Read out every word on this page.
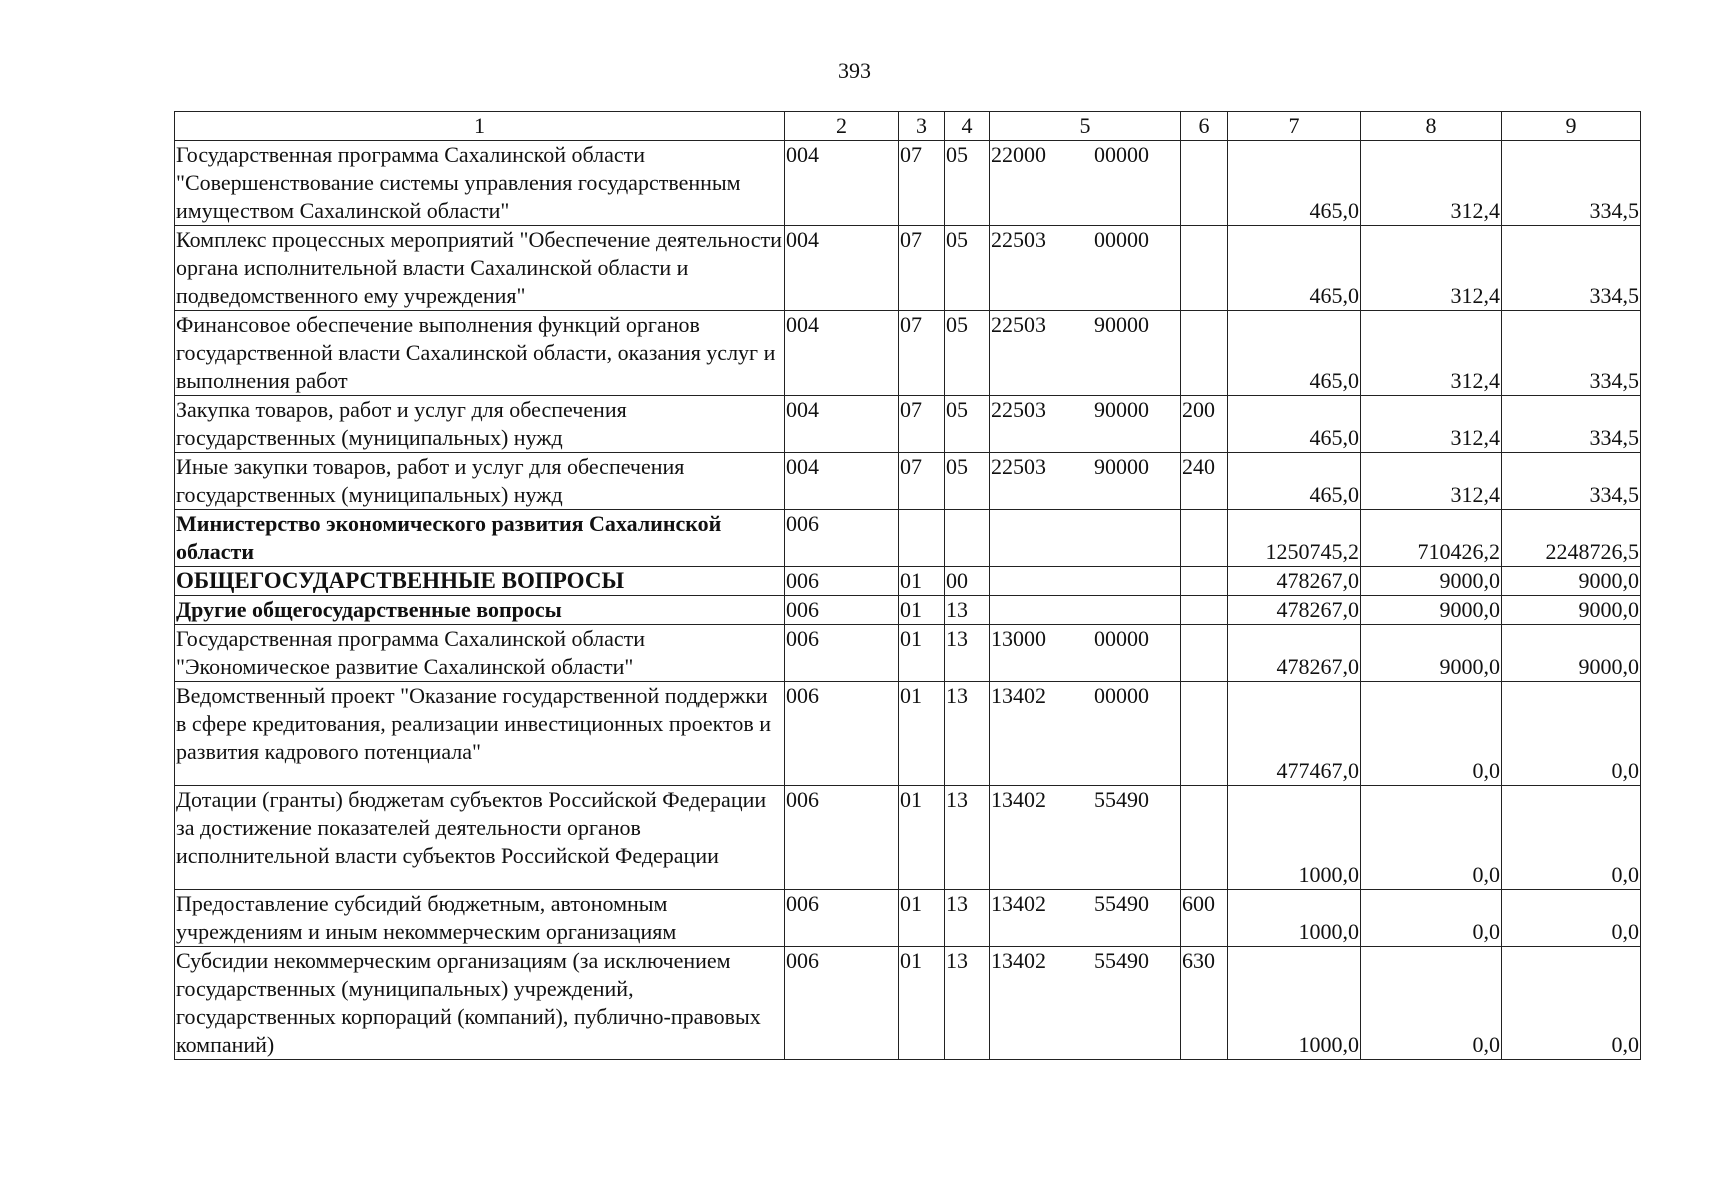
393
1	2	3	4	5	6	7	8	9
Государственная программа Сахалинской области "Совершенствование системы управления государственным имуществом Сахалинской области"	004	07	05	22000 00000		465,0	312,4	334,5
Комплекс процессных мероприятий "Обеспечение деятельности органа исполнительной власти Сахалинской области и подведомственного ему учреждения"	004	07	05	22503 00000		465,0	312,4	334,5
Финансовое обеспечение выполнения функций органов государственной власти Сахалинской области, оказания услуг и выполнения работ	004	07	05	22503 90000		465,0	312,4	334,5
Закупка товаров, работ и услуг для обеспечения государственных (муниципальных) нужд	004	07	05	22503 90000	200	465,0	312,4	334,5
Иные закупки товаров, работ и услуг для обеспечения государственных (муниципальных) нужд	004	07	05	22503 90000	240	465,0	312,4	334,5
Министерство экономического развития Сахалинской области	006					1250745,2	710426,2	2248726,5
ОБЩЕГОСУДАРСТВЕННЫЕ ВОПРОСЫ	006	01	00			478267,0	9000,0	9000,0
Другие общегосударственные вопросы	006	01	13			478267,0	9000,0	9000,0
Государственная программа Сахалинской области "Экономическое развитие Сахалинской области"	006	01	13	13000 00000		478267,0	9000,0	9000,0
Ведомственный проект "Оказание государственной поддержки в сфере кредитования, реализации инвестиционных проектов и развития кадрового потенциала"	006	01	13	13402 00000		477467,0	0,0	0,0
Дотации (гранты) бюджетам субъектов Российской Федерации за достижение показателей деятельности органов исполнительной власти субъектов Российской Федерации	006	01	13	13402 55490		1000,0	0,0	0,0
Предоставление субсидий бюджетным, автономным учреждениям и иным некоммерческим организациям	006	01	13	13402 55490	600	1000,0	0,0	0,0
Субсидии некоммерческим организациям (за исключением государственных (муниципальных) учреждений, государственных корпораций (компаний), публично-правовых компаний)	006	01	13	13402 55490	630	1000,0	0,0	0,0
